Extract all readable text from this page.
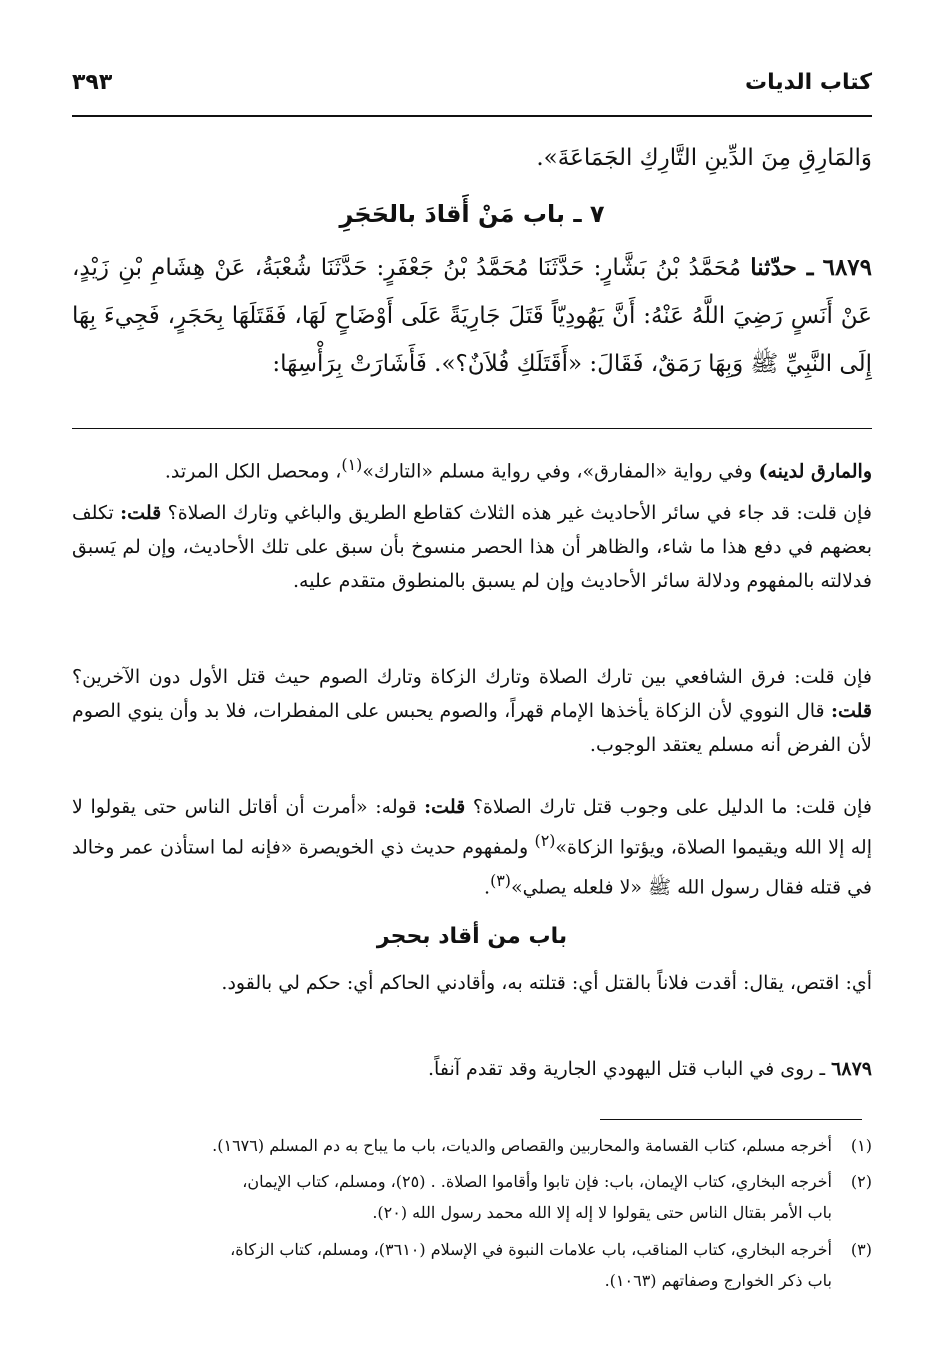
كتاب الديات
٣٩٣

وَالمَارِقِ مِنَ الدِّينِ التَّارِكِ الجَمَاعَةَ».

٧ ـ باب مَنْ أَقادَ بالحَجَرِ

٦٨٧٩ ـ حدّثنا مُحَمَّدُ بْنُ بَشَّارٍ: حَدَّثَنَا مُحَمَّدُ بْنُ جَعْفَرٍ: حَدَّثَنَا شُعْبَةُ، عَنْ هِشَامِ بْنِ زَيْدٍ، عَنْ أَنَسٍ رَضِيَ اللَّهُ عَنْهُ: أَنَّ يَهُودِيّاً قَتَلَ جَارِيَةً عَلَى أَوْضَاحٍ لَهَا، فَقَتَلَهَا بِحَجَرٍ، فَجِيءَ بِهَا إِلَى النَّبِيِّ ﷺ وَبِهَا رَمَقٌ، فَقَالَ: «أَقَتَلَكِ فُلاَنٌ؟». فَأَشَارَتْ بِرَأْسِهَا:

والمارق لدينه) وفي رواية «المفارق»، وفي رواية مسلم «التارك»$^{(١)}$، ومحصل الكل المرتد.

فإن قلت: قد جاء في سائر الأحاديث غير هذه الثلاث كقاطع الطريق والباغي وتارك الصلاة؟ قلت: تكلف بعضهم في دفع هذا ما شاء، والظاهر أن هذا الحصر منسوخ بأن سبق على تلك الأحاديث، وإن لم يَسبق فدلالته بالمفهوم ودلالة سائر الأحاديث وإن لم يسبق بالمنطوق متقدم عليه.

فإن قلت: فرق الشافعي بين تارك الصلاة وتارك الزكاة وتارك الصوم حيث قتل الأول دون الآخرين؟ قلت: قال النووي لأن الزكاة يأخذها الإمام قهراً، والصوم يحبس على المفطرات، فلا بد وأن ينوي الصوم لأن الفرض أنه مسلم يعتقد الوجوب.

فإن قلت: ما الدليل على وجوب قتل تارك الصلاة؟ قلت: قوله: «أمرت أن أقاتل الناس حتى يقولوا لا إله إلا الله ويقيموا الصلاة، ويؤتوا الزكاة»$^{(٢)}$ ولمفهوم حديث ذي الخويصرة «فإنه لما استأذن عمر وخالد في قتله فقال رسول الله ﷺ «لا فلعله يصلي»$^{(٣)}$.

باب من أقاد بحجر

أي: اقتص، يقال: أقدت فلاناً بالقتل أي: قتلته به، وأقادني الحاكم أي: حكم لي بالقود.

٦٨٧٩ ـ روى في الباب قتل اليهودي الجارية وقد تقدم آنفاً.

(١)أخرجه مسلم، كتاب القسامة والمحاربين والقصاص والديات، باب ما يباح به دم المسلم (١٦٧٦).
(٢)أخرجه البخاري، كتاب الإيمان، باب: فإن تابوا وأقاموا الصلاة. . (٢٥)، ومسلم، كتاب الإيمان،
باب الأمر بقتال الناس حتى يقولوا لا إله إلا الله محمد رسول الله (٢٠).
(٣)أخرجه البخاري، كتاب المناقب، باب علامات النبوة في الإسلام (٣٦١٠)، ومسلم، كتاب الزكاة،
باب ذكر الخوارج وصفاتهم (١٠٦٣).
